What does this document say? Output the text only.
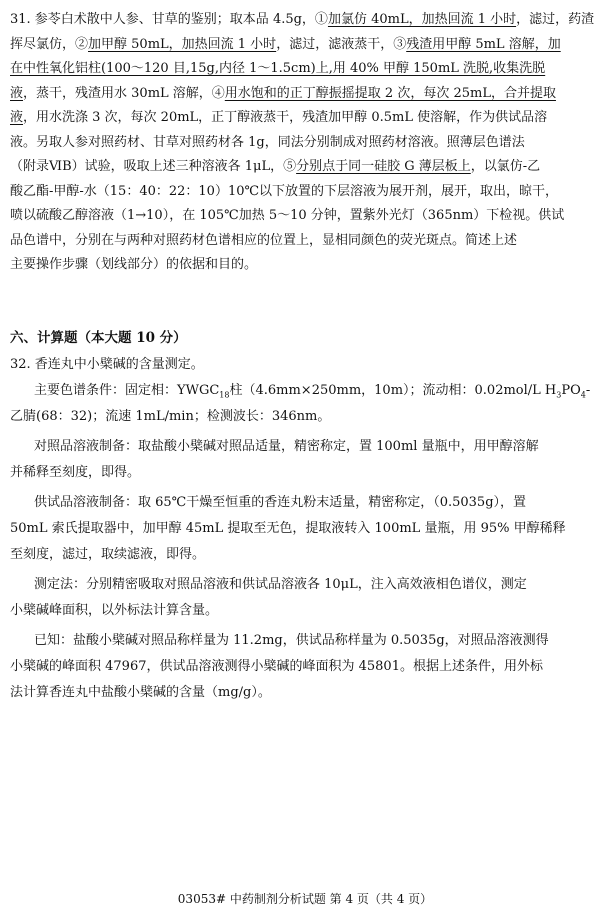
31. 参苓白术散中人参、甘草的鉴别；取本品 4.5g，①加氯仿 40mL，加热回流 1 小时，滤过，药渣
挥尽氯仿，②加甲醇 50mL，加热回流 1 小时，滤过，滤液蒸干，③残渣用甲醇 5mL 溶解，加
在中性氧化铝柱(100～120 目,15g,内径 1～1.5cm)上,用 40% 甲醇 150mL 洗脱,收集洗脱
液，蒸干，残渣用水 30mL 溶解，④用水饱和的正丁醇振摇提取 2 次，每次 25mL，合并提取
液，用水洗涤 3 次，每次 20mL，正丁醇液蒸干，残渣加甲醇 0.5mL 使溶解，作为供试品溶
液。另取人参对照药材、甘草对照药材各 1g，同法分别制成对照药材溶液。照薄层色谱法
（附录ⅥB）试验，吸取上述三种溶液各 1μL，⑤分别点于同一硅胶 G 薄层板上，以氯仿-乙
酸乙酯-甲醇-水（15：40：22：10）10℃以下放置的下层溶液为展开剂，展开，取出，晾干，
喷以硫酸乙醇溶液（1→10），在 105℃加热 5～10 分钟，置紫外光灯（365nm）下检视。供试
品色谱中，分别在与两种对照药材色谱相应的位置上，显相同颜色的荧光斑点。简述上述
主要操作步骤（划线部分）的依据和目的。
六、计算题（本大题 10 分）
32. 香连丸中小檗碱的含量测定。
主要色谱条件：固定相：$YWGC_{18}$柱（4.6mm×250mm，10m）；流动相：0.02mol/L $H_3PO_4-$
乙腈(68：32)；流速 1mL/min；检测波长：346nm。
对照品溶液制备：取盐酸小檗碱对照品适量，精密称定，置 100ml 量瓶中，用甲醇溶解
并稀释至刻度，即得。
供试品溶液制备：取 65℃干燥至恒重的香连丸粉末适量，精密称定，（0.5035g），置
50mL 索氏提取器中，加甲醇 45mL 提取至无色，提取液转入 100mL 量瓶，用 95% 甲醇稀释
至刻度，滤过，取续滤液，即得。
测定法：分别精密吸取对照品溶液和供试品溶液各 10μL，注入高效液相色谱仪，测定
小檗碱峰面积，以外标法计算含量。
已知：盐酸小檗碱对照品称样量为 11.2mg，供试品称样量为 0.5035g，对照品溶液测得
小檗碱的峰面积 47967，供试品溶液测得小檗碱的峰面积为 45801。根据上述条件，用外标
法计算香连丸中盐酸小檗碱的含量（mg/g）。
03053# 中药制剂分析试题 第 4 页（共 4 页）
